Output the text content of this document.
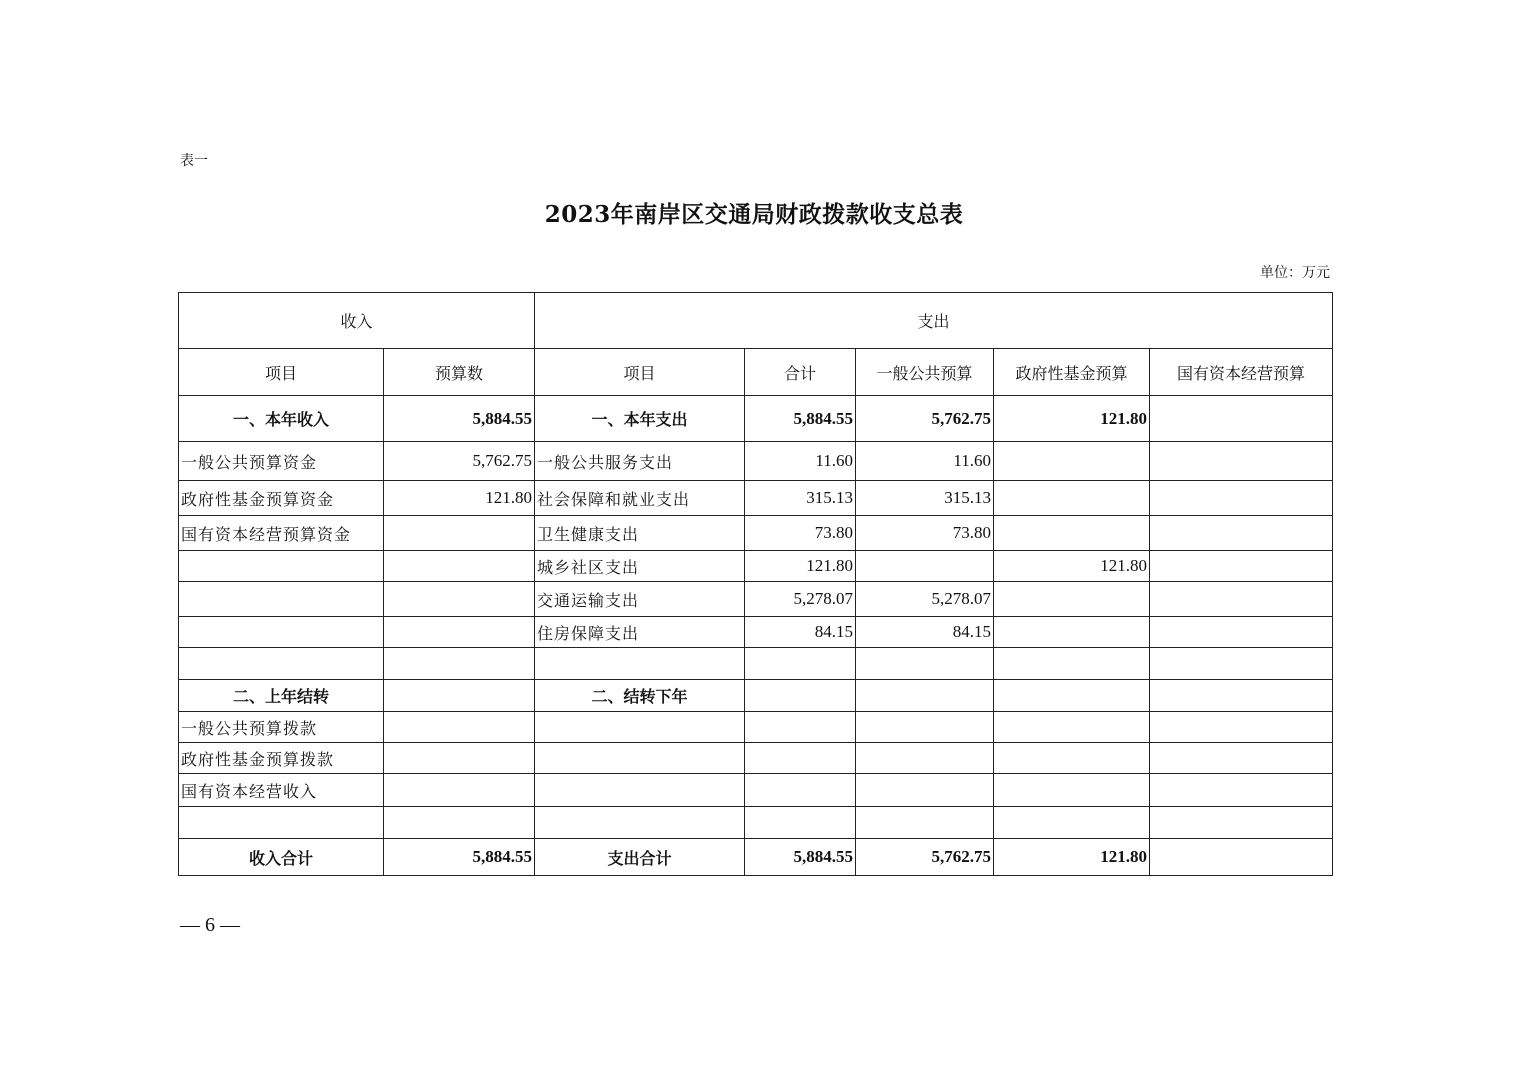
表一
2023年南岸区交通局财政拨款收支总表
单位：万元
收入		支出				
项目	预算数	项目	合计	一般公共预算	政府性基金预算	国有资本经营预算
一、本年收入	5,884.55	一、本年支出	5,884.55	5,762.75	121.80	
一般公共预算资金	5,762.75	一般公共服务支出	11.60	11.60		
政府性基金预算资金	121.80	社会保障和就业支出	315.13	315.13		
国有资本经营预算资金		卫生健康支出	73.80	73.80		
		城乡社区支出	121.80		121.80	
		交通运输支出	5,278.07	5,278.07		
		住房保障支出	84.15	84.15		

二、上年结转		二、结转下年				
一般公共预算拨款						
政府性基金预算拨款						
国有资本经营收入						

收入合计	5,884.55	支出合计	5,884.55	5,762.75	121.80	
— 6 —
